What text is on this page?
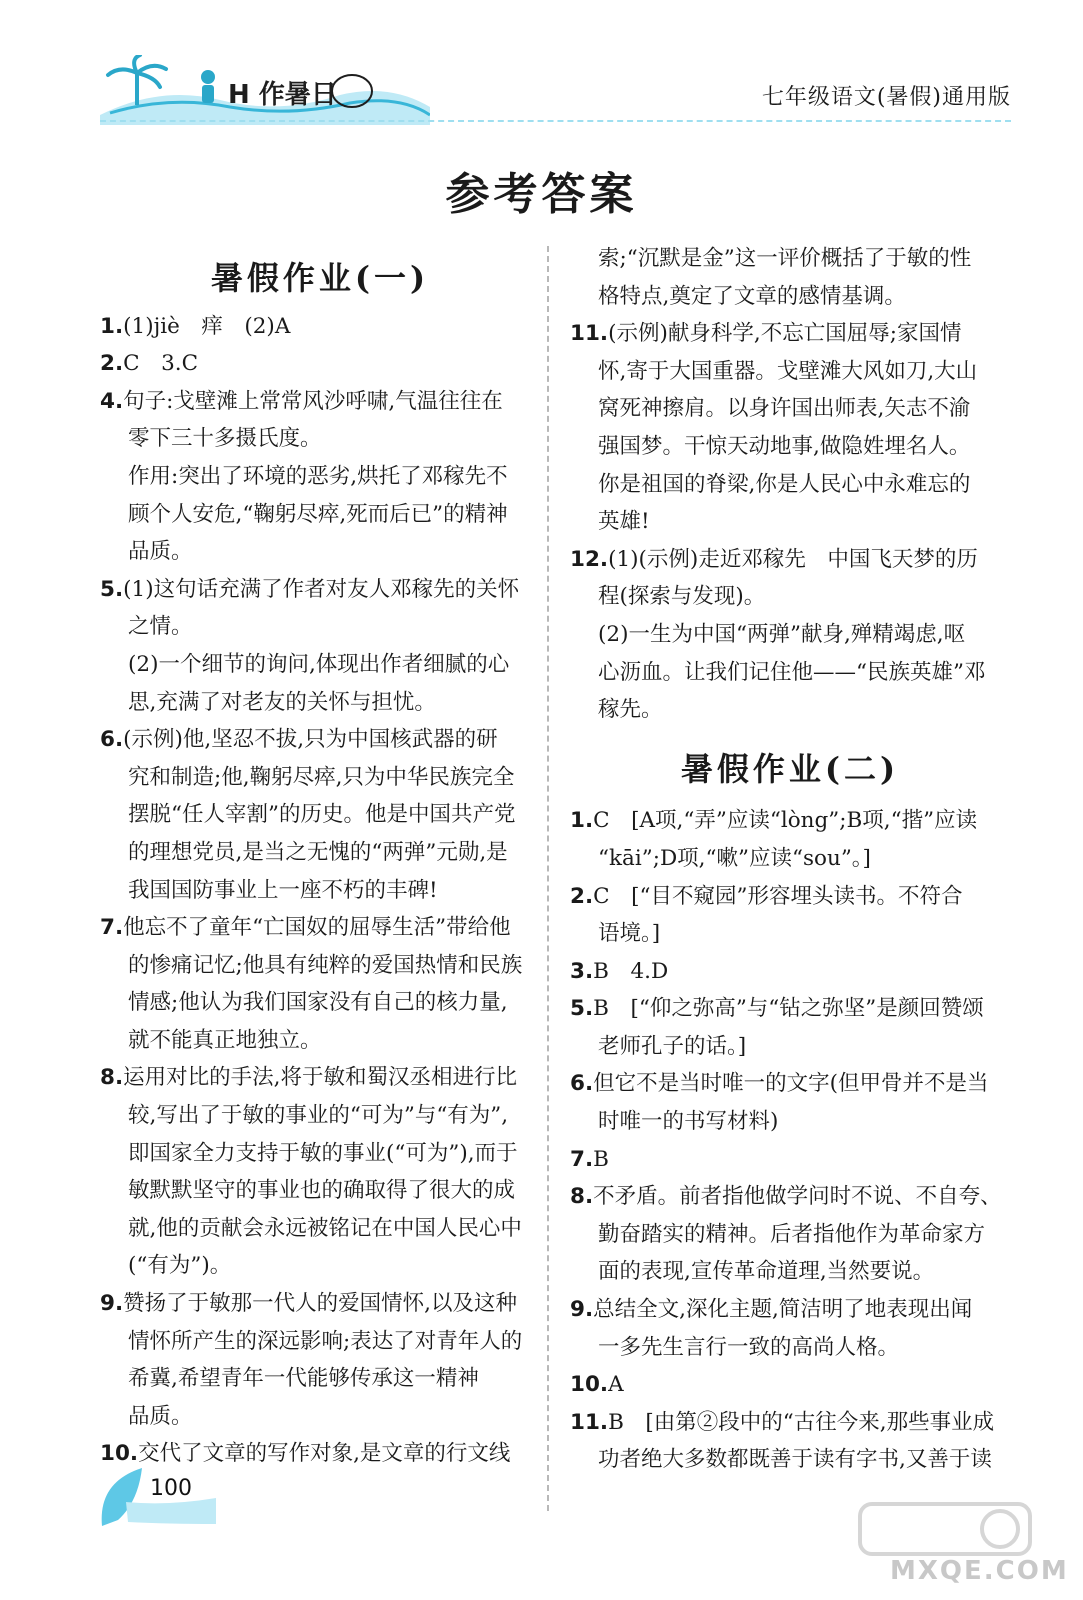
H 作暑日	七年级语文(暑假)通用版
参考答案
暑假作业(一)
1.(1)jiè　痒　(2)A
2.C　3.C
4.句子:戈壁滩上常常风沙呼啸,气温往往在
零下三十多摄氏度。
作用:突出了环境的恶劣,烘托了邓稼先不
顾个人安危,“鞠躬尽瘁,死而后已”的精神
品质。
5.(1)这句话充满了作者对友人邓稼先的关怀
之情。
(2)一个细节的询问,体现出作者细腻的心
思,充满了对老友的关怀与担忧。
6.(示例)他,坚忍不拔,只为中国核武器的研
究和制造;他,鞠躬尽瘁,只为中华民族完全
摆脱“任人宰割”的历史。他是中国共产党
的理想党员,是当之无愧的“两弹”元勋,是
我国国防事业上一座不朽的丰碑!
7.他忘不了童年“亡国奴的屈辱生活”带给他
的惨痛记忆;他具有纯粹的爱国热情和民族
情感;他认为我们国家没有自己的核力量,
就不能真正地独立。
8.运用对比的手法,将于敏和蜀汉丞相进行比
较,写出了于敏的事业的“可为”与“有为”,
即国家全力支持于敏的事业(“可为”),而于
敏默默坚守的事业也的确取得了很大的成
就,他的贡献会永远被铭记在中国人民心中
(“有为”)。
9.赞扬了于敏那一代人的爱国情怀,以及这种
情怀所产生的深远影响;表达了对青年人的
希冀,希望青年一代能够传承这一精神
品质。
10.交代了文章的写作对象,是文章的行文线
索;“沉默是金”这一评价概括了于敏的性
格特点,奠定了文章的感情基调。
11.(示例)献身科学,不忘亡国屈辱;家国情
怀,寄于大国重器。戈壁滩大风如刀,大山
窝死神擦肩。以身许国出师表,矢志不渝
强国梦。干惊天动地事,做隐姓埋名人。
你是祖国的脊梁,你是人民心中永难忘的
英雄!
12.(1)(示例)走近邓稼先　中国飞天梦的历
程(探索与发现)。
(2)一生为中国“两弹”献身,殚精竭虑,呕
心沥血。让我们记住他——“民族英雄”邓
稼先。
暑假作业(二)
1.C　[A项,“弄”应读“lòng”;B项,“揩”应读
“kāi”;D项,“嗽”应读“sou”。]
2.C　[“目不窥园”形容埋头读书。不符合
语境。]
3.B　4.D
5.B　[“仰之弥高”与“钻之弥坚”是颜回赞颂
老师孔子的话。]
6.但它不是当时唯一的文字(但甲骨并不是当
时唯一的书写材料)
7.B
8.不矛盾。前者指他做学问时不说、不自夸、
勤奋踏实的精神。后者指他作为革命家方
面的表现,宣传革命道理,当然要说。
9.总结全文,深化主题,简洁明了地表现出闻
一多先生言行一致的高尚人格。
10.A
11.B　[由第②段中的“古往今来,那些事业成
功者绝大多数都既善于读有字书,又善于读
100
MXQE.COM
